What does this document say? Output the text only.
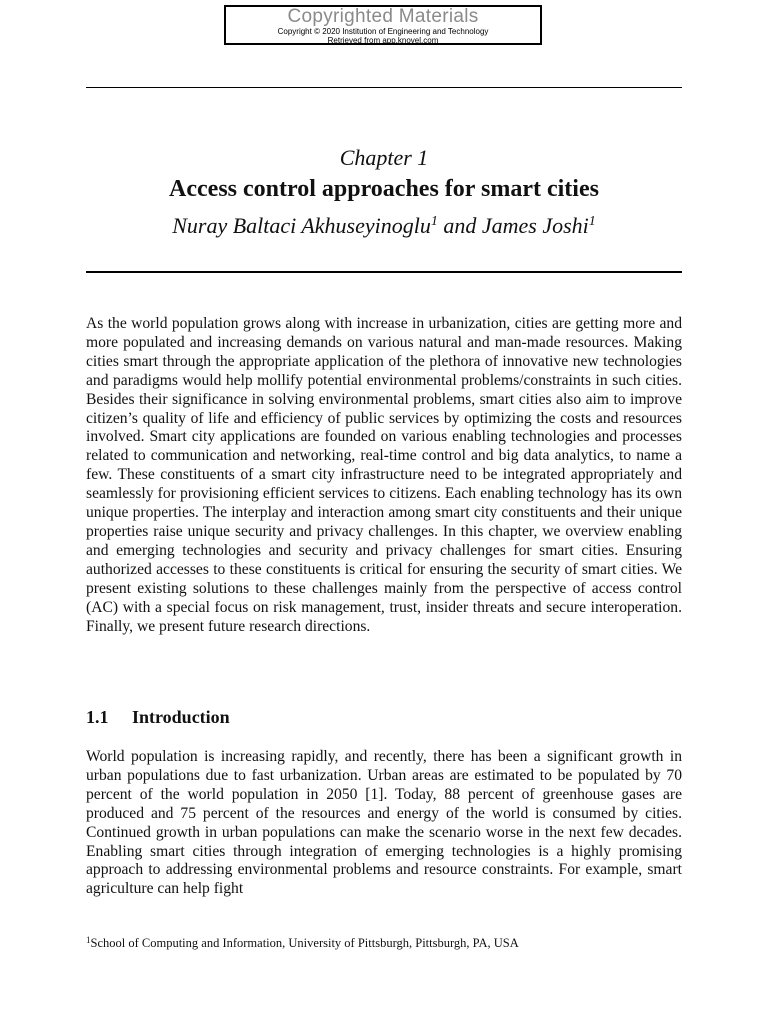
Copyrighted Materials
Copyright © 2020 Institution of Engineering and Technology
Retrieved from app.knovel.com
Chapter 1
Access control approaches for smart cities
Nuray Baltaci Akhuseyinoglu$^1$ and James Joshi$^1$

As the world population grows along with increase in urbanization, cities are getting more and more populated and increasing demands on various natural and man-made resources. Making cities smart through the appropriate application of the plethora of innovative new technologies and paradigms would help mollify potential environmental problems/constraints in such cities. Besides their significance in solving environmental problems, smart cities also aim to improve citizen’s quality of life and efficiency of public services by optimizing the costs and resources involved. Smart city applications are founded on various enabling technologies and processes related to communication and networking, real-time control and big data analytics, to name a few. These constituents of a smart city infrastructure need to be integrated appropriately and seamlessly for provisioning efficient services to citizens. Each enabling technology has its own unique properties. The interplay and interaction among smart city constituents and their unique properties raise unique security and privacy challenges. In this chapter, we overview enabling and emerging technologies and security and privacy challenges for smart cities. Ensuring authorized accesses to these constituents is critical for ensuring the security of smart cities. We present existing solutions to these challenges mainly from the perspective of access control (AC) with a special focus on risk management, trust, insider threats and secure interoperation. Finally, we present future research directions.

1.1 Introduction

World population is increasing rapidly, and recently, there has been a significant growth in urban populations due to fast urbanization. Urban areas are estimated to be populated by 70 percent of the world population in 2050 [1]. Today, 88 percent of greenhouse gases are produced and 75 percent of the resources and energy of the world is consumed by cities. Continued growth in urban populations can make the scenario worse in the next few decades. Enabling smart cities through integration of emerging technologies is a highly promising approach to addressing environmental problems and resource constraints. For example, smart agriculture can help fight

$^1$School of Computing and Information, University of Pittsburgh, Pittsburgh, PA, USA
